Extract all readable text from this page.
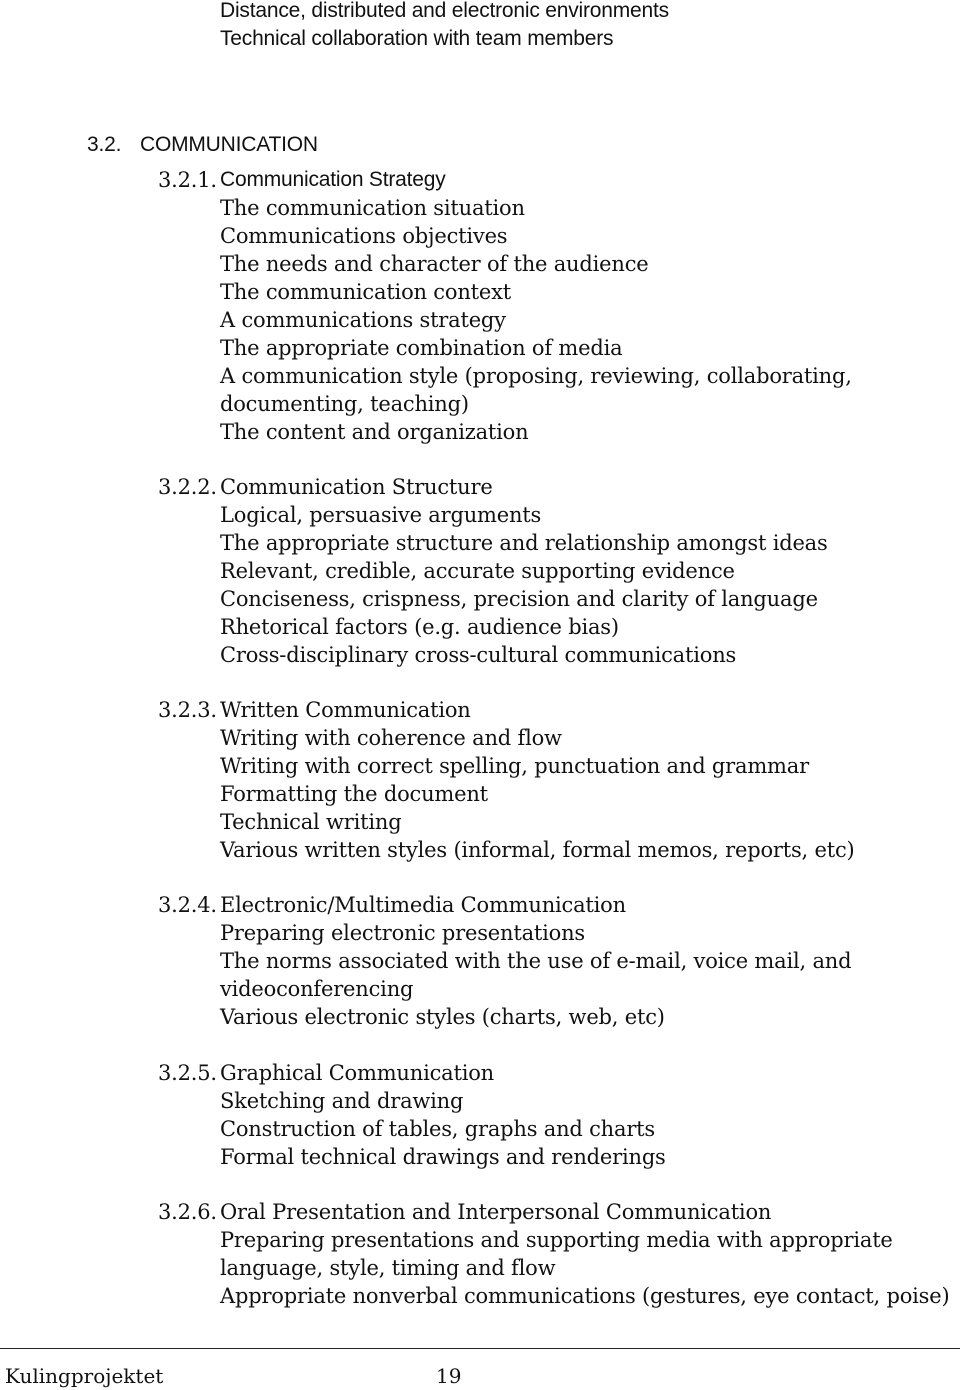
Distance, distributed and electronic environments
Technical collaboration with team members
3.2. COMMUNICATION
3.2.1. Communication Strategy
The communication situation
Communications objectives
The needs and character of the audience
The communication context
A communications strategy
The appropriate combination of media
A communication style (proposing, reviewing, collaborating,
documenting, teaching)
The content and organization
3.2.2. Communication Structure
Logical, persuasive arguments
The appropriate structure and relationship amongst ideas
Relevant, credible, accurate supporting evidence
Conciseness, crispness, precision and clarity of language
Rhetorical factors (e.g. audience bias)
Cross-disciplinary cross-cultural communications
3.2.3. Written Communication
Writing with coherence and flow
Writing with correct spelling, punctuation and grammar
Formatting the document
Technical writing
Various written styles (informal, formal memos, reports, etc)
3.2.4. Electronic/Multimedia Communication
Preparing electronic presentations
The norms associated with the use of e-mail, voice mail, and
videoconferencing
Various electronic styles (charts, web, etc)
3.2.5. Graphical Communication
Sketching and drawing
Construction of tables, graphs and charts
Formal technical drawings and renderings
3.2.6. Oral Presentation and Interpersonal Communication
Preparing presentations and supporting media with appropriate
language, style, timing and flow
Appropriate nonverbal communications (gestures, eye contact, poise)
Kulingprojektet	19
